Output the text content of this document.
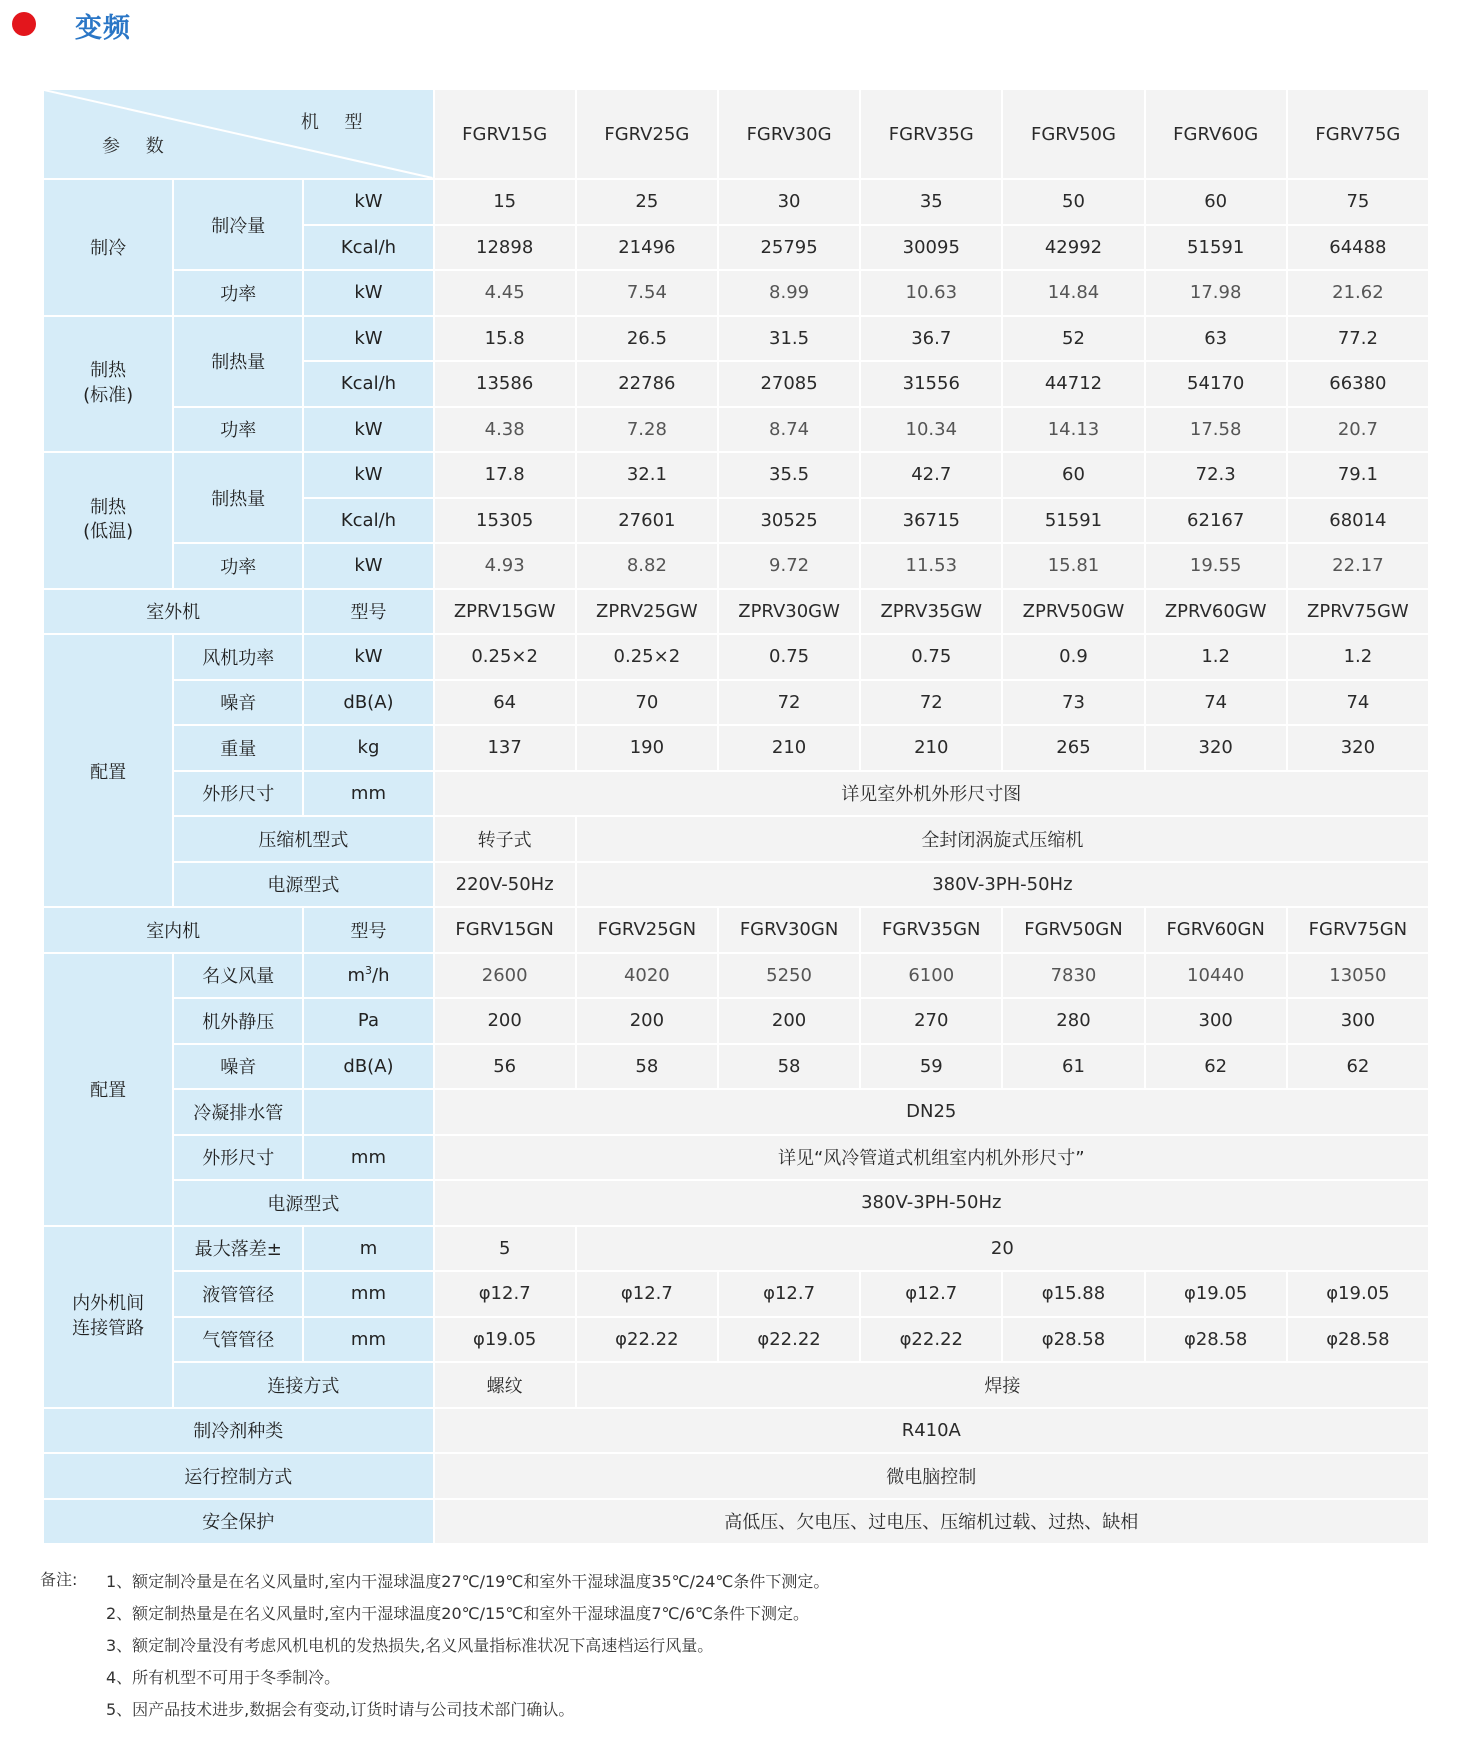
变频
机 型
参 数			FGRV15G	FGRV25G	FGRV30G	FGRV35G	FGRV50G	FGRV60G	FGRV75G
制冷	制冷量	kW	15	25	30	35	50	60	75
		Kcal/h	12898	21496	25795	30095	42992	51591	64488
	功率	kW	4.45	7.54	8.99	10.63	14.84	17.98	21.62

制热
(标准)	制热量	kW	15.8	26.5	31.5	36.7	52	63	77.2
		Kcal/h	13586	22786	27085	31556	44712	54170	66380
	功率	kW	4.38	7.28	8.74	10.34	14.13	17.58	20.7

制热
(低温)	制热量	kW	17.8	32.1	35.5	42.7	60	72.3	79.1
		Kcal/h	15305	27601	30525	36715	51591	62167	68014
	功率	kW	4.93	8.82	9.72	11.53	15.81	19.55	22.17
室外机		型号	ZPRV15GW	ZPRV25GW	ZPRV30GW	ZPRV35GW	ZPRV50GW	ZPRV60GW	ZPRV75GW
配置	风机功率	kW	0.25×2	0.25×2	0.75	0.75	0.9	1.2	1.2
	噪音	dB(A)	64	70	72	72	73	74	74
	重量	kg	137	190	210	210	265	320	320
	外形尺寸	mm	详见室外机外形尺寸图						
	压缩机型式		转子式	全封闭涡旋式压缩机					
	电源型式		220V-50Hz	380V-3PH-50Hz					
室内机		型号	FGRV15GN	FGRV25GN	FGRV30GN	FGRV35GN	FGRV50GN	FGRV60GN	FGRV75GN
配置	名义风量	$m^3/h$	2600	4020	5250	6100	7830	10440	13050
	机外静压	Pa	200	200	200	270	280	300	300
	噪音	dB(A)	56	58	58	59	61	62	62
	冷凝排水管		DN25						
	外形尺寸	mm	详见“风冷管道式机组室内机外形尺寸”						
	电源型式		380V-3PH-50Hz						

内外机间
连接管路	最大落差±	m	5	20					
	液管管径	mm	φ12.7	φ12.7	φ12.7	φ12.7	φ15.88	φ19.05	φ19.05
	气管管径	mm	φ19.05	φ22.22	φ22.22	φ22.22	φ28.58	φ28.58	φ28.58
	连接方式		螺纹	焊接					
制冷剂种类			R410A						
运行控制方式			微电脑控制						
安全保护			高低压、欠电压、过电压、压缩机过载、过热、缺相						
备注: 1、额定制冷量是在名义风量时,室内干湿球温度27℃/19℃和室外干湿球温度35℃/24℃条件下测定。
2、额定制热量是在名义风量时,室内干湿球温度20℃/15℃和室外干湿球温度7℃/6℃条件下测定。
3、额定制冷量没有考虑风机电机的发热损失,名义风量指标准状况下高速档运行风量。
4、所有机型不可用于冬季制冷。
5、因产品技术进步,数据会有变动,订货时请与公司技术部门确认。
